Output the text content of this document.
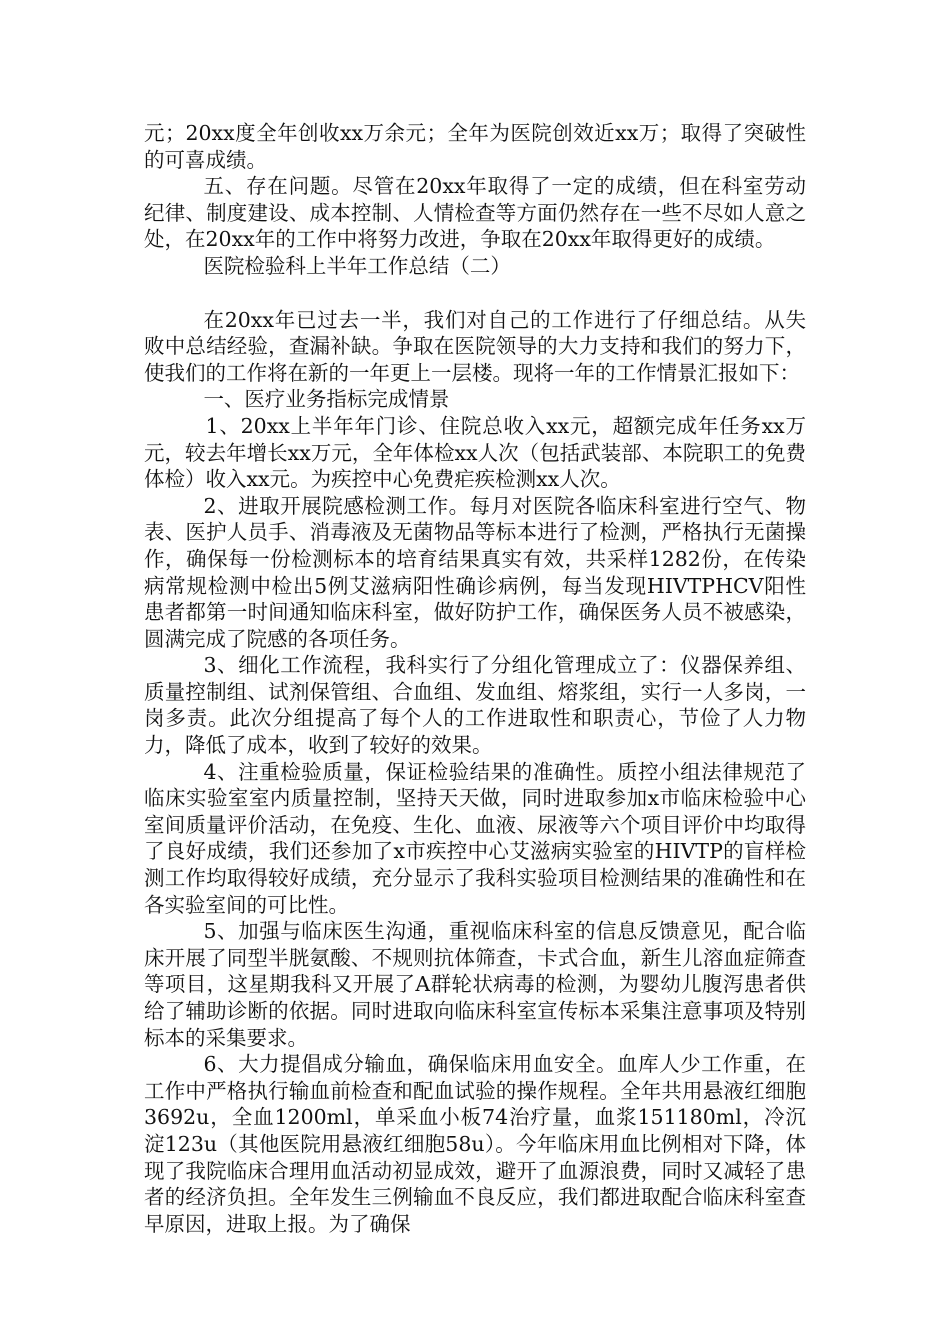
元；20xx度全年创收xx万余元；全年为医院创效近xx万；取得了突破性的可喜成绩。

五、存在问题。尽管在20xx年取得了一定的成绩，但在科室劳动纪律、制度建设、成本控制、人情检查等方面仍然存在一些不尽如人意之处，在20xx年的工作中将努力改进，争取在20xx年取得更好的成绩。

医院检验科上半年工作总结（二）

在20xx年已过去一半，我们对自己的工作进行了仔细总结。从失败中总结经验，查漏补缺。争取在医院领导的大力支持和我们的努力下，使我们的工作将在新的一年更上一层楼。现将一年的工作情景汇报如下：

一、医疗业务指标完成情景

1、20xx上半年年门诊、住院总收入xx元，超额完成年任务xx万元，较去年增长xx万元，全年体检xx人次（包括武装部、本院职工的免费体检）收入xx元。为疾控中心免费疟疾检测xx人次。

2、进取开展院感检测工作。每月对医院各临床科室进行空气、物表、医护人员手、消毒液及无菌物品等标本进行了检测，严格执行无菌操作，确保每一份检测标本的培育结果真实有效，共采样1282份，在传染病常规检测中检出5例艾滋病阳性确诊病例，每当发现HIVTPHCV阳性患者都第一时间通知临床科室，做好防护工作，确保医务人员不被感染，圆满完成了院感的各项任务。

3、细化工作流程，我科实行了分组化管理成立了：仪器保养组、质量控制组、试剂保管组、合血组、发血组、熔浆组，实行一人多岗，一岗多责。此次分组提高了每个人的工作进取性和职责心，节俭了人力物力，降低了成本，收到了较好的效果。

4、注重检验质量，保证检验结果的准确性。质控小组法律规范了临床实验室室内质量控制，坚持天天做，同时进取参加x市临床检验中心室间质量评价活动，在免疫、生化、血液、尿液等六个项目评价中均取得了良好成绩，我们还参加了x市疾控中心艾滋病实验室的HIVTP的盲样检测工作均取得较好成绩，充分显示了我科实验项目检测结果的准确性和在各实验室间的可比性。

5、加强与临床医生沟通，重视临床科室的信息反馈意见，配合临床开展了同型半胱氨酸、不规则抗体筛查，卡式合血，新生儿溶血症筛查等项目，这星期我科又开展了A群轮状病毒的检测，为婴幼儿腹泻患者供给了辅助诊断的依据。同时进取向临床科室宣传标本采集注意事项及特别标本的采集要求。

6、大力提倡成分输血，确保临床用血安全。血库人少工作重，在工作中严格执行输血前检查和配血试验的操作规程。全年共用悬液红细胞3692u，全血1200ml，单采血小板74治疗量，血浆151180ml，冷沉淀123u（其他医院用悬液红细胞58u）。今年临床用血比例相对下降，体现了我院临床合理用血活动初显成效，避开了血源浪费，同时又减轻了患者的经济负担。全年发生三例输血不良反应，我们都进取配合临床科室查早原因，进取上报。为了确保
